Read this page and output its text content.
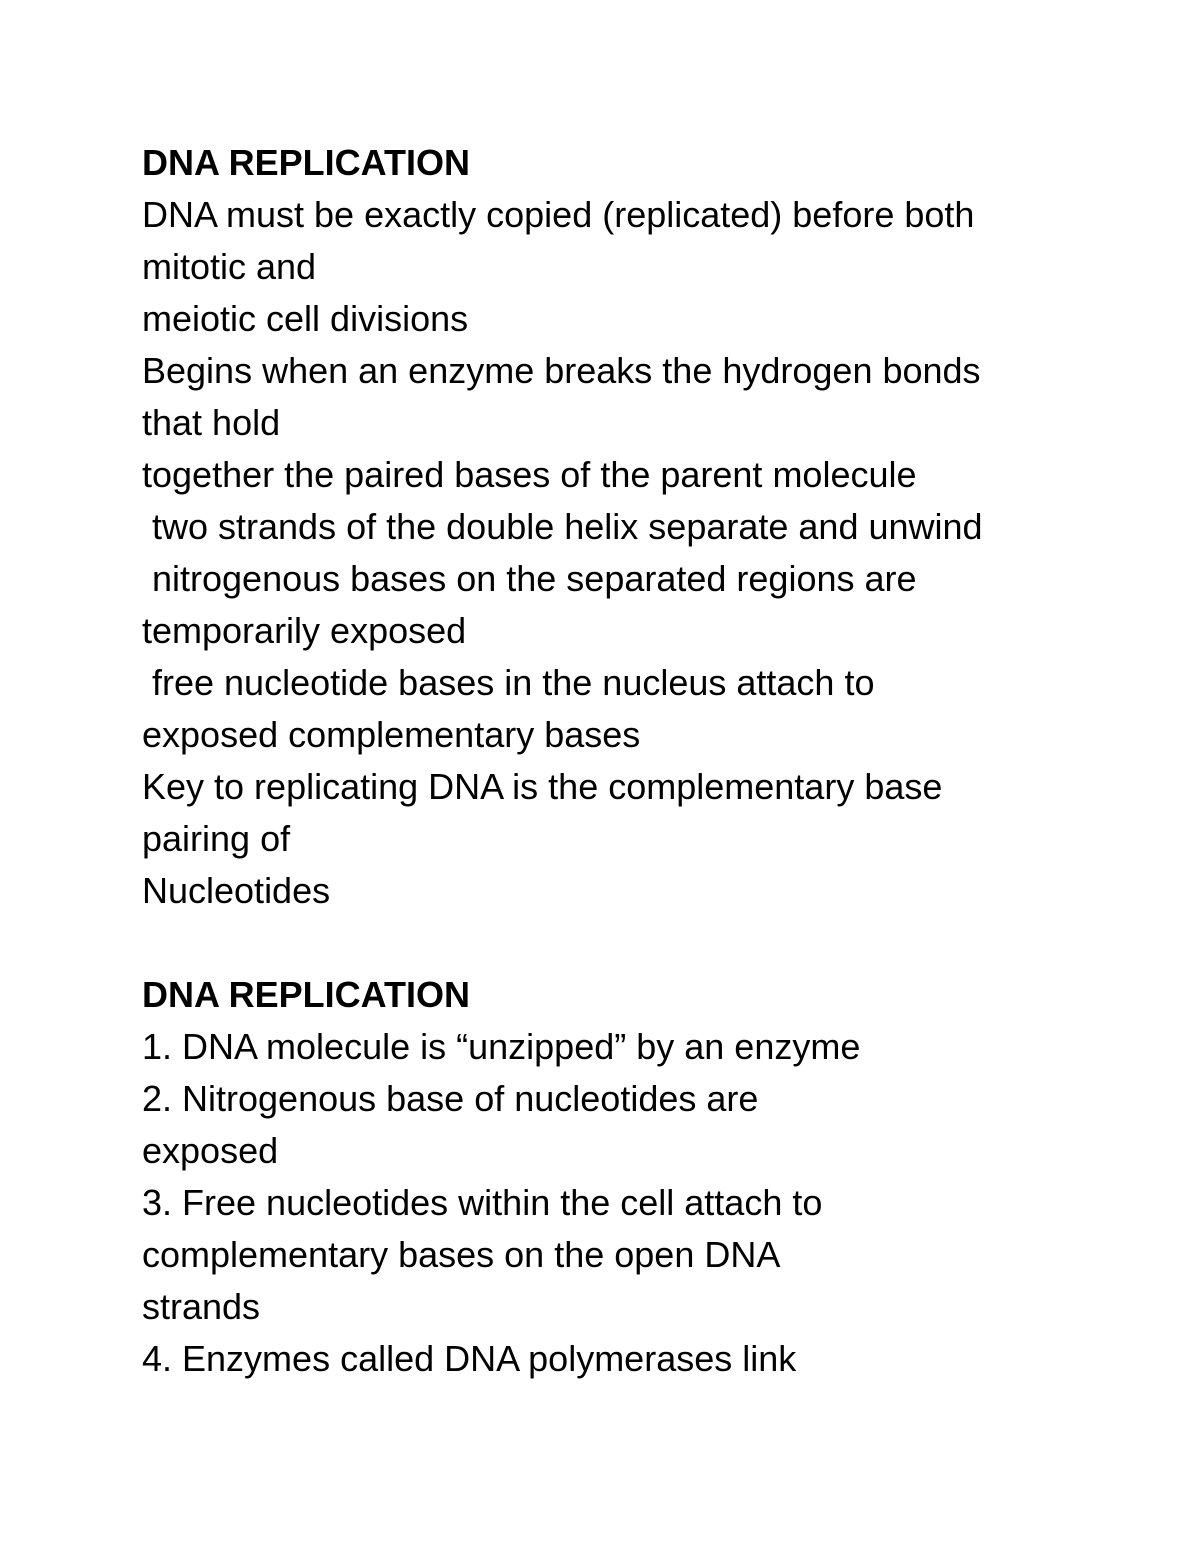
DNA REPLICATION

DNA must be exactly copied (replicated) before both

mitotic and

meiotic cell divisions

Begins when an enzyme breaks the hydrogen bonds

that hold

together the paired bases of the parent molecule

two strands of the double helix separate and unwind

nitrogenous bases on the separated regions are

temporarily exposed

free nucleotide bases in the nucleus attach to

exposed complementary bases

Key to replicating DNA is the complementary base

pairing of

Nucleotides

DNA REPLICATION

1. DNA molecule is “unzipped” by an enzyme

2. Nitrogenous base of nucleotides are

exposed

3. Free nucleotides within the cell attach to

complementary bases on the open DNA

strands

4. Enzymes called DNA polymerases link
